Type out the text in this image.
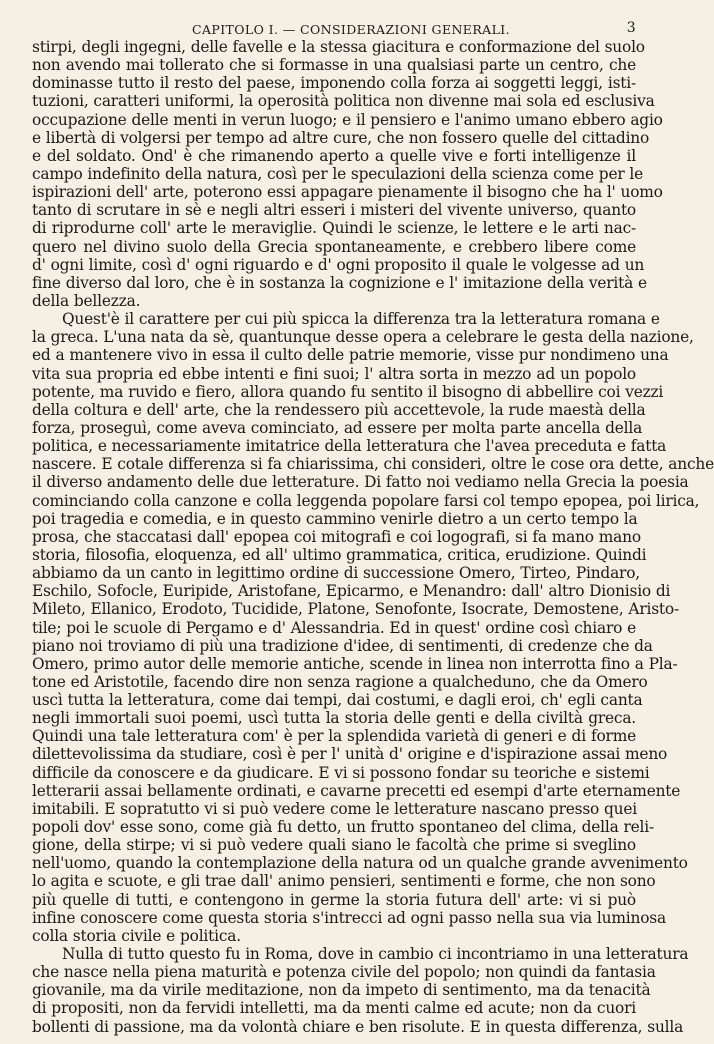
CAPITOLO I. — CONSIDERAZIONI GENERALI.	3
stirpi, degli ingegni, delle favelle e la stessa giacitura e conformazione del suolo
non avendo mai tollerato che si formasse in una qualsiasi parte un centro, che
dominasse tutto il resto del paese, imponendo colla forza ai soggetti leggi, isti-
tuzioni, caratteri uniformi, la operosità politica non divenne mai sola ed esclusiva
occupazione delle menti in verun luogo; e il pensiero e l'animo umano ebbero agio
e libertà di volgersi per tempo ad altre cure, che non fossero quelle del cittadino
e del soldato. Ond' è che rimanendo aperto a quelle vive e forti intelligenze il
campo indefinito della natura, così per le speculazioni della scienza come per le
ispirazioni dell' arte, poterono essi appagare pienamente il bisogno che ha l' uomo
tanto di scrutare in sè e negli altri esseri i misteri del vivente universo, quanto
di riprodurne coll' arte le meraviglie. Quindi le scienze, le lettere e le arti nac-
quero nel divino suolo della Grecia spontaneamente, e crebbero libere come
d' ogni limite, così d' ogni riguardo e d' ogni proposito il quale le volgesse ad un
fine diverso dal loro, che è in sostanza la cognizione e l' imitazione della verità e
della bellezza.
Quest'è il carattere per cui più spicca la differenza tra la letteratura romana e
la greca. L'una nata da sè, quantunque desse opera a celebrare le gesta della nazione,
ed a mantenere vivo in essa il culto delle patrie memorie, visse pur nondimeno una
vita sua propria ed ebbe intenti e fini suoi; l' altra sorta in mezzo ad un popolo
potente, ma ruvido e fiero, allora quando fu sentito il bisogno di abbellire coi vezzi
della coltura e dell' arte, che la rendessero più accettevole, la rude maestà della
forza, proseguì, come aveva cominciato, ad essere per molta parte ancella della
politica, e necessariamente imitatrice della letteratura che l'avea preceduta e fatta
nascere. E cotale differenza si fa chiarissima, chi consideri, oltre le cose ora dette, anche
il diverso andamento delle due letterature. Di fatto noi vediamo nella Grecia la poesia
cominciando colla canzone e colla leggenda popolare farsi col tempo epopea, poi lirica,
poi tragedia e comedia, e in questo cammino venirle dietro a un certo tempo la
prosa, che staccatasi dall' epopea coi mitografi e coi logografi, si fa mano mano
storia, filosofia, eloquenza, ed all' ultimo grammatica, critica, erudizione. Quindi
abbiamo da un canto in legittimo ordine di successione Omero, Tirteo, Pindaro,
Eschilo, Sofocle, Euripide, Aristofane, Epicarmo, e Menandro: dall' altro Dionisio di
Mileto, Ellanico, Erodoto, Tucidide, Platone, Senofonte, Isocrate, Demostene, Aristo-
tile; poi le scuole di Pergamo e d' Alessandria. Ed in quest' ordine così chiaro e
piano noi troviamo di più una tradizione d'idee, di sentimenti, di credenze che da
Omero, primo autor delle memorie antiche, scende in linea non interrotta fino a Pla-
tone ed Aristotile, facendo dire non senza ragione a qualcheduno, che da Omero
uscì tutta la letteratura, come dai tempi, dai costumi, e dagli eroi, ch' egli canta
negli immortali suoi poemi, uscì tutta la storia delle genti e della civiltà greca.
Quindi una tale letteratura com' è per la splendida varietà di generi e di forme
dilettevolissima da studiare, così è per l' unità d' origine e d'ispirazione assai meno
difficile da conoscere e da giudicare. E vi si possono fondar su teoriche e sistemi
letterarii assai bellamente ordinati, e cavarne precetti ed esempi d'arte eternamente
imitabili. E sopratutto vi si può vedere come le letterature nascano presso quei
popoli dov' esse sono, come già fu detto, un frutto spontaneo del clima, della reli-
gione, della stirpe; vi si può vedere quali siano le facoltà che prime si sveglino
nell'uomo, quando la contemplazione della natura od un qualche grande avvenimento
lo agita e scuote, e gli trae dall' animo pensieri, sentimenti e forme, che non sono
più quelle di tutti, e contengono in germe la storia futura dell' arte: vi si può
infine conoscere come questa storia s'intrecci ad ogni passo nella sua via luminosa
colla storia civile e politica.
Nulla di tutto questo fu in Roma, dove in cambio ci incontriamo in una letteratura
che nasce nella piena maturità e potenza civile del popolo; non quindi da fantasia
giovanile, ma da virile meditazione, non da impeto di sentimento, ma da tenacità
di propositi, non da fervidi intelletti, ma da menti calme ed acute; non da cuori
bollenti di passione, ma da volontà chiare e ben risolute. E in questa differenza, sulla
